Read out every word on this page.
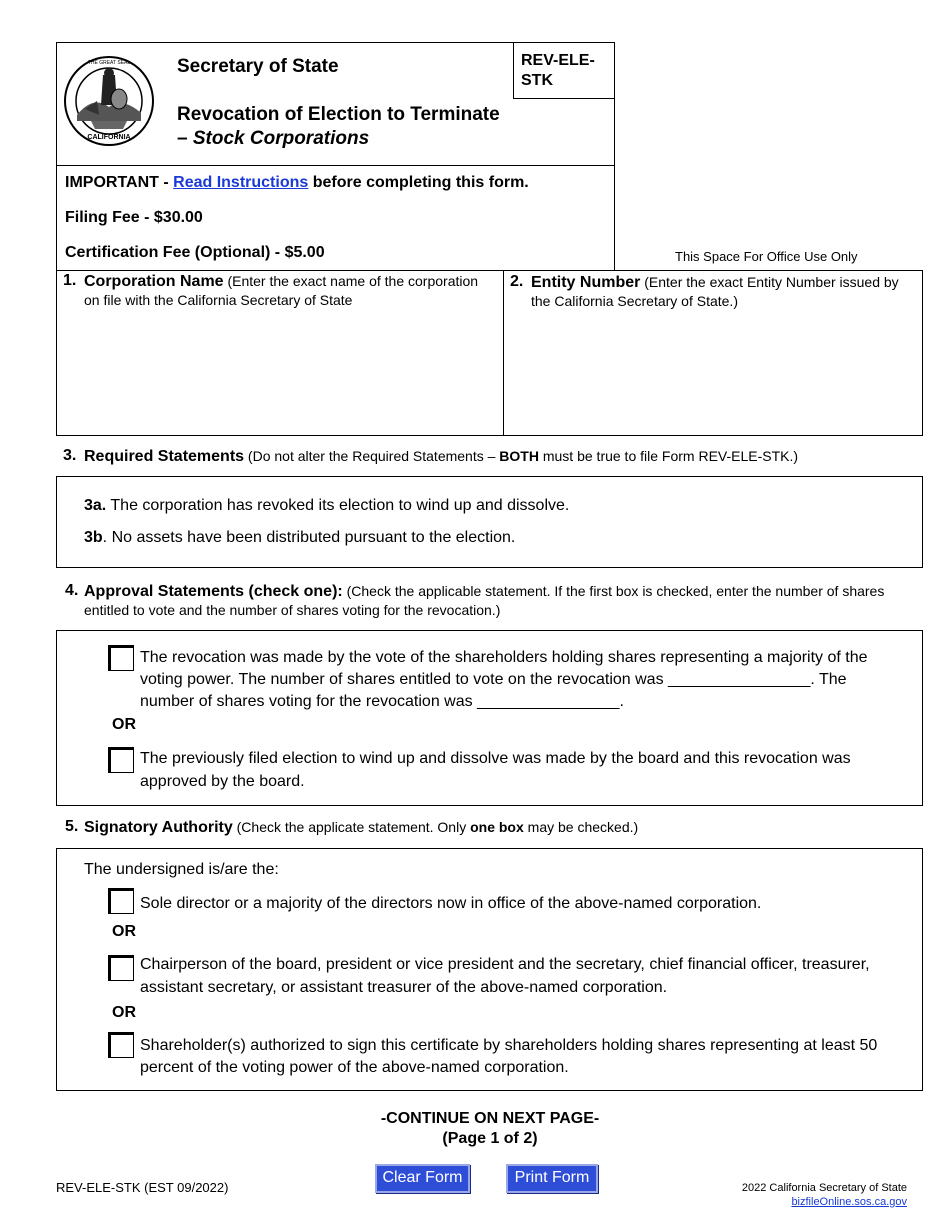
REV-ELE-STK
CALIFORNIA
THE GREAT SEAL Secretary of State
Revocation of Election to Terminate – Stock Corporations
IMPORTANT - Read Instructions before completing this form.
Filing Fee - $30.00
Certification Fee (Optional) - $5.00	This Space For Office Use Only
1. Corporation Name (Enter the exact name of the corporation on file with the California Secretary of State
2. Entity Number (Enter the exact Entity Number issued by the California Secretary of State.)
3. Required Statements (Do not alter the Required Statements – BOTH must be true to file Form REV-ELE-STK.)
3a. The corporation has revoked its election to wind up and dissolve.
3b. No assets have been distributed pursuant to the election.
4. Approval Statements (check one): (Check the applicable statement. If the first box is checked, enter the number of shares entitled to vote and the number of shares voting for the revocation.)
The revocation was made by the vote of the shareholders holding shares representing a majority of the voting power. The number of shares entitled to vote on the revocation was ________________. The number of shares voting for the revocation was ________________.
OR
The previously filed election to wind up and dissolve was made by the board and this revocation was approved by the board.
5. Signatory Authority (Check the applicate statement. Only one box may be checked.)
The undersigned is/are the:
Sole director or a majority of the directors now in office of the above-named corporation.
OR
Chairperson of the board, president or vice president and the secretary, chief financial officer, treasurer, assistant secretary, or assistant treasurer of the above-named corporation.
OR
Shareholder(s) authorized to sign this certificate by shareholders holding shares representing at least 50 percent of the voting power of the above-named corporation.
-CONTINUE ON NEXT PAGE-
(Page 1 of 2)
REV-ELE-STK (EST 09/2022)
Clear Form	Print Form
2022 California Secretary of State
bizfileOnline.sos.ca.gov
